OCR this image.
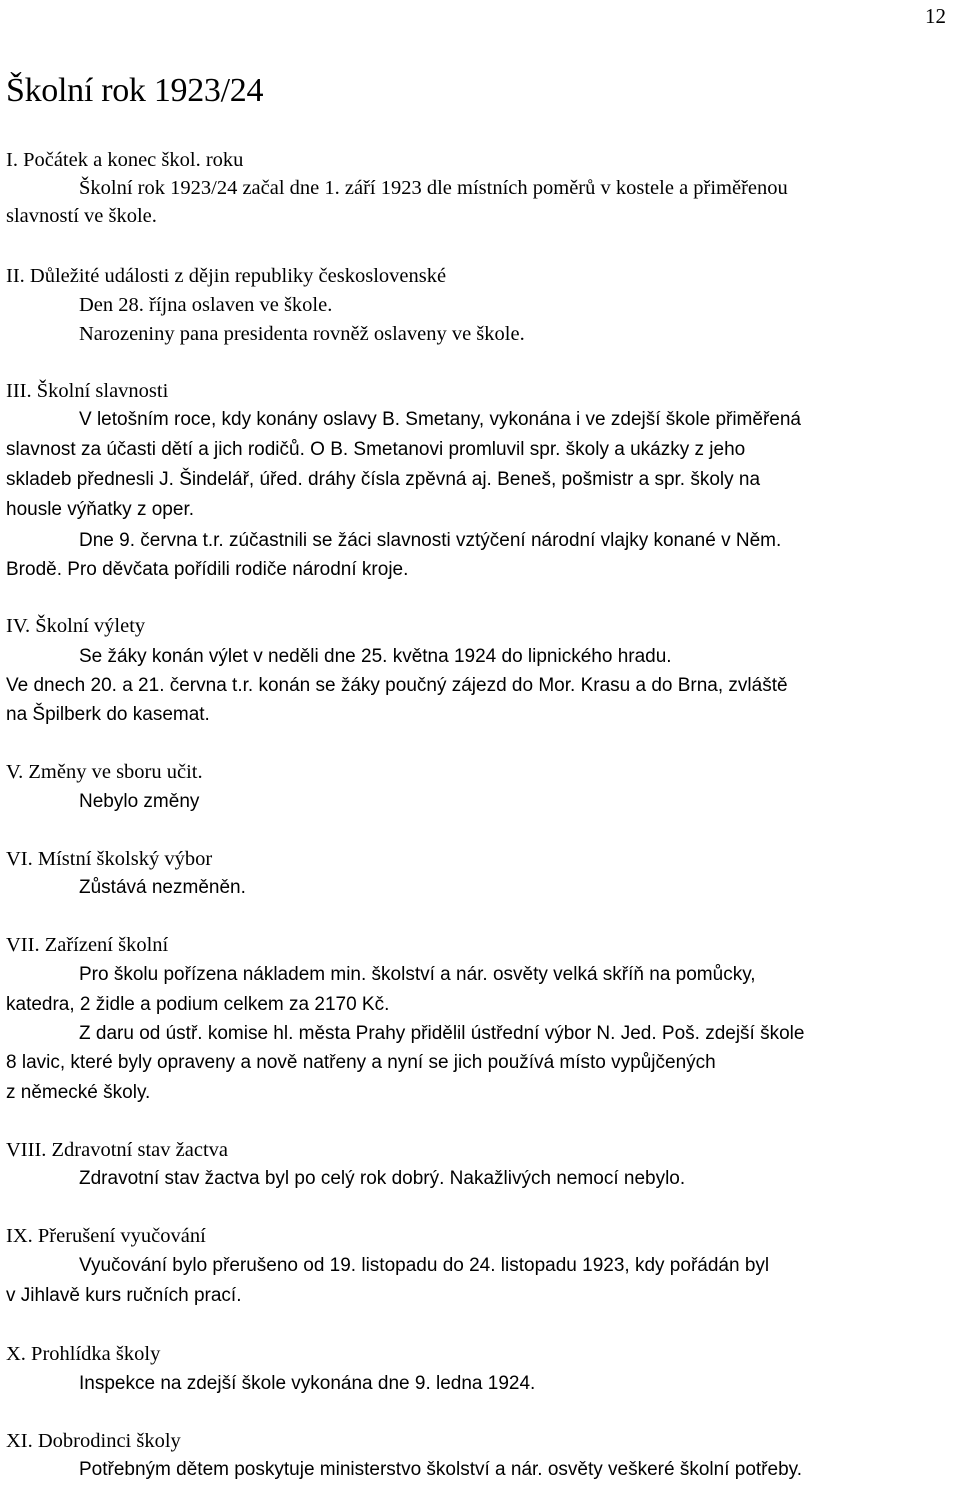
12
Školní rok 1923/24
I. Počátek a konec škol. roku
Školní rok 1923/24 začal dne 1. září 1923 dle místních poměrů v kostele a přiměřenou
slavností ve škole.
II. Důležité události z dějin republiky československé
Den 28. října oslaven ve škole.
Narozeniny pana presidenta rovněž oslaveny ve škole.
III. Školní slavnosti
V letošním roce, kdy konány oslavy B. Smetany, vykonána i ve zdejší škole přiměřená
slavnost za účasti dětí a jich rodičů. O B. Smetanovi promluvil spr. školy a ukázky z jeho
skladeb přednesli J. Šindelář, úřed. dráhy čísla zpěvná aj. Beneš, pošmistr a spr. školy na
housle výňatky z oper.
Dne 9. června t.r. zúčastnili se žáci slavnosti vztýčení národní vlajky konané v Něm.
Brodě. Pro děvčata pořídili rodiče národní kroje.
IV. Školní výlety
Se žáky konán výlet v neděli dne 25. května 1924 do lipnického hradu.
Ve dnech 20. a 21. června t.r. konán se žáky poučný zájezd do Mor. Krasu a do Brna, zvláště
na Špilberk do kasemat.
V. Změny ve sboru učit.
Nebylo změny
VI. Místní školský výbor
Zůstává nezměněn.
VII. Zařízení školní
Pro školu pořízena nákladem min. školství a nár. osvěty velká skříň na pomůcky,
katedra, 2 židle a podium celkem za 2170 Kč.
Z daru od ústř. komise hl. města Prahy přidělil ústřední výbor N. Jed. Poš. zdejší škole
8 lavic, které byly opraveny a nově natřeny a nyní se jich používá místo vypůjčených
z německé školy.
VIII. Zdravotní stav žactva
Zdravotní stav žactva byl po celý rok dobrý. Nakažlivých nemocí nebylo.
IX. Přerušení vyučování
Vyučování bylo přerušeno od 19. listopadu do 24. listopadu 1923, kdy pořádán byl
v Jihlavě kurs ručních prací.
X. Prohlídka školy
Inspekce na zdejší škole vykonána dne 9. ledna 1924.
XI. Dobrodinci školy
Potřebným dětem poskytuje ministerstvo školství a nár. osvěty veškeré školní potřeby.
